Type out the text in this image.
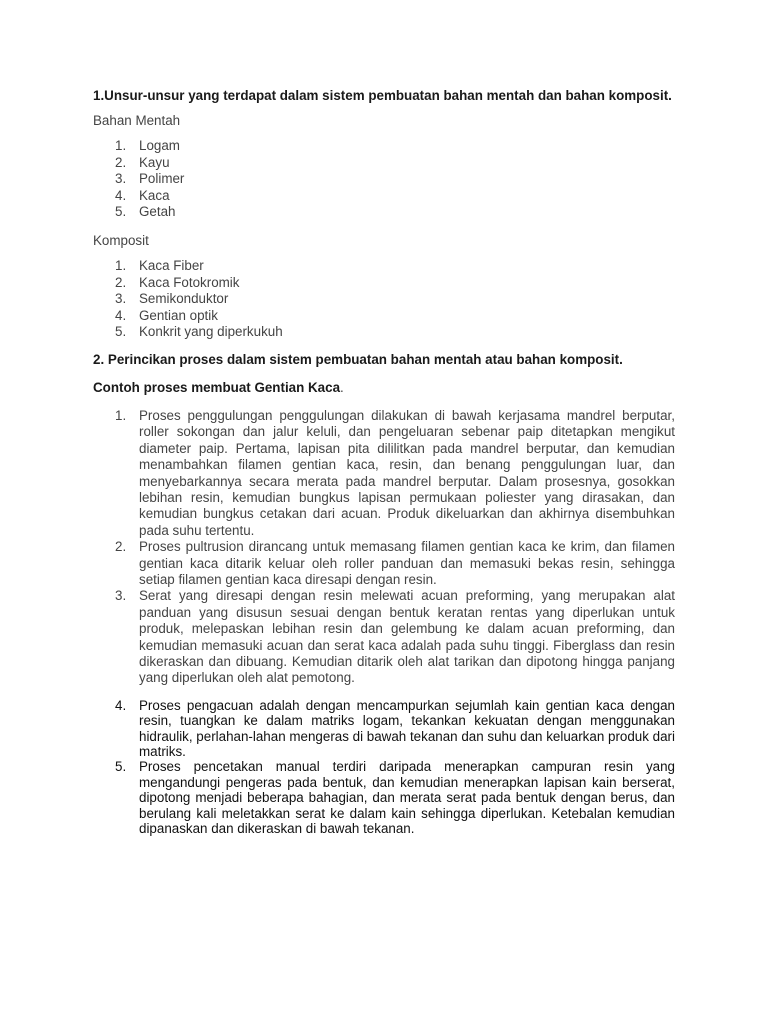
1.Unsur-unsur yang terdapat dalam sistem pembuatan bahan mentah dan bahan komposit.

Bahan Mentah

1. Logam
2. Kayu
3. Polimer
4. Kaca
5. Getah

Komposit

1. Kaca Fiber
2. Kaca Fotokromik
3. Semikonduktor
4. Gentian optik
5. Konkrit yang diperkukuh

2. Perincikan proses dalam sistem pembuatan bahan mentah atau bahan komposit.

Contoh proses membuat Gentian Kaca.

1. Proses penggulungan penggulungan dilakukan di bawah kerjasama mandrel berputar, roller sokongan dan jalur keluli, dan pengeluaran sebenar paip ditetapkan mengikut diameter paip. Pertama, lapisan pita dililitkan pada mandrel berputar, dan kemudian menambahkan filamen gentian kaca, resin, dan benang penggulungan luar, dan menyebarkannya secara merata pada mandrel berputar. Dalam prosesnya, gosokkan lebihan resin, kemudian bungkus lapisan permukaan poliester yang dirasakan, dan kemudian bungkus cetakan dari acuan. Produk dikeluarkan dan akhirnya disembuhkan pada suhu tertentu.
2. Proses pultrusion dirancang untuk memasang filamen gentian kaca ke krim, dan filamen gentian kaca ditarik keluar oleh roller panduan dan memasuki bekas resin, sehingga setiap filamen gentian kaca diresapi dengan resin.
3. Serat yang diresapi dengan resin melewati acuan preforming, yang merupakan alat panduan yang disusun sesuai dengan bentuk keratan rentas yang diperlukan untuk produk, melepaskan lebihan resin dan gelembung ke dalam acuan preforming, dan kemudian memasuki acuan dan serat kaca adalah pada suhu tinggi. Fiberglass dan resin dikeraskan dan dibuang. Kemudian ditarik oleh alat tarikan dan dipotong hingga panjang yang diperlukan oleh alat pemotong.
4. Proses pengacuan adalah dengan mencampurkan sejumlah kain gentian kaca dengan resin, tuangkan ke dalam matriks logam, tekankan kekuatan dengan menggunakan hidraulik, perlahan-lahan mengeras di bawah tekanan dan suhu dan keluarkan produk dari matriks.
5. Proses pencetakan manual terdiri daripada menerapkan campuran resin yang mengandungi pengeras pada bentuk, dan kemudian menerapkan lapisan kain berserat, dipotong menjadi beberapa bahagian, dan merata serat pada bentuk dengan berus, dan berulang kali meletakkan serat ke dalam kain sehingga diperlukan. Ketebalan kemudian dipanaskan dan dikeraskan di bawah tekanan.
